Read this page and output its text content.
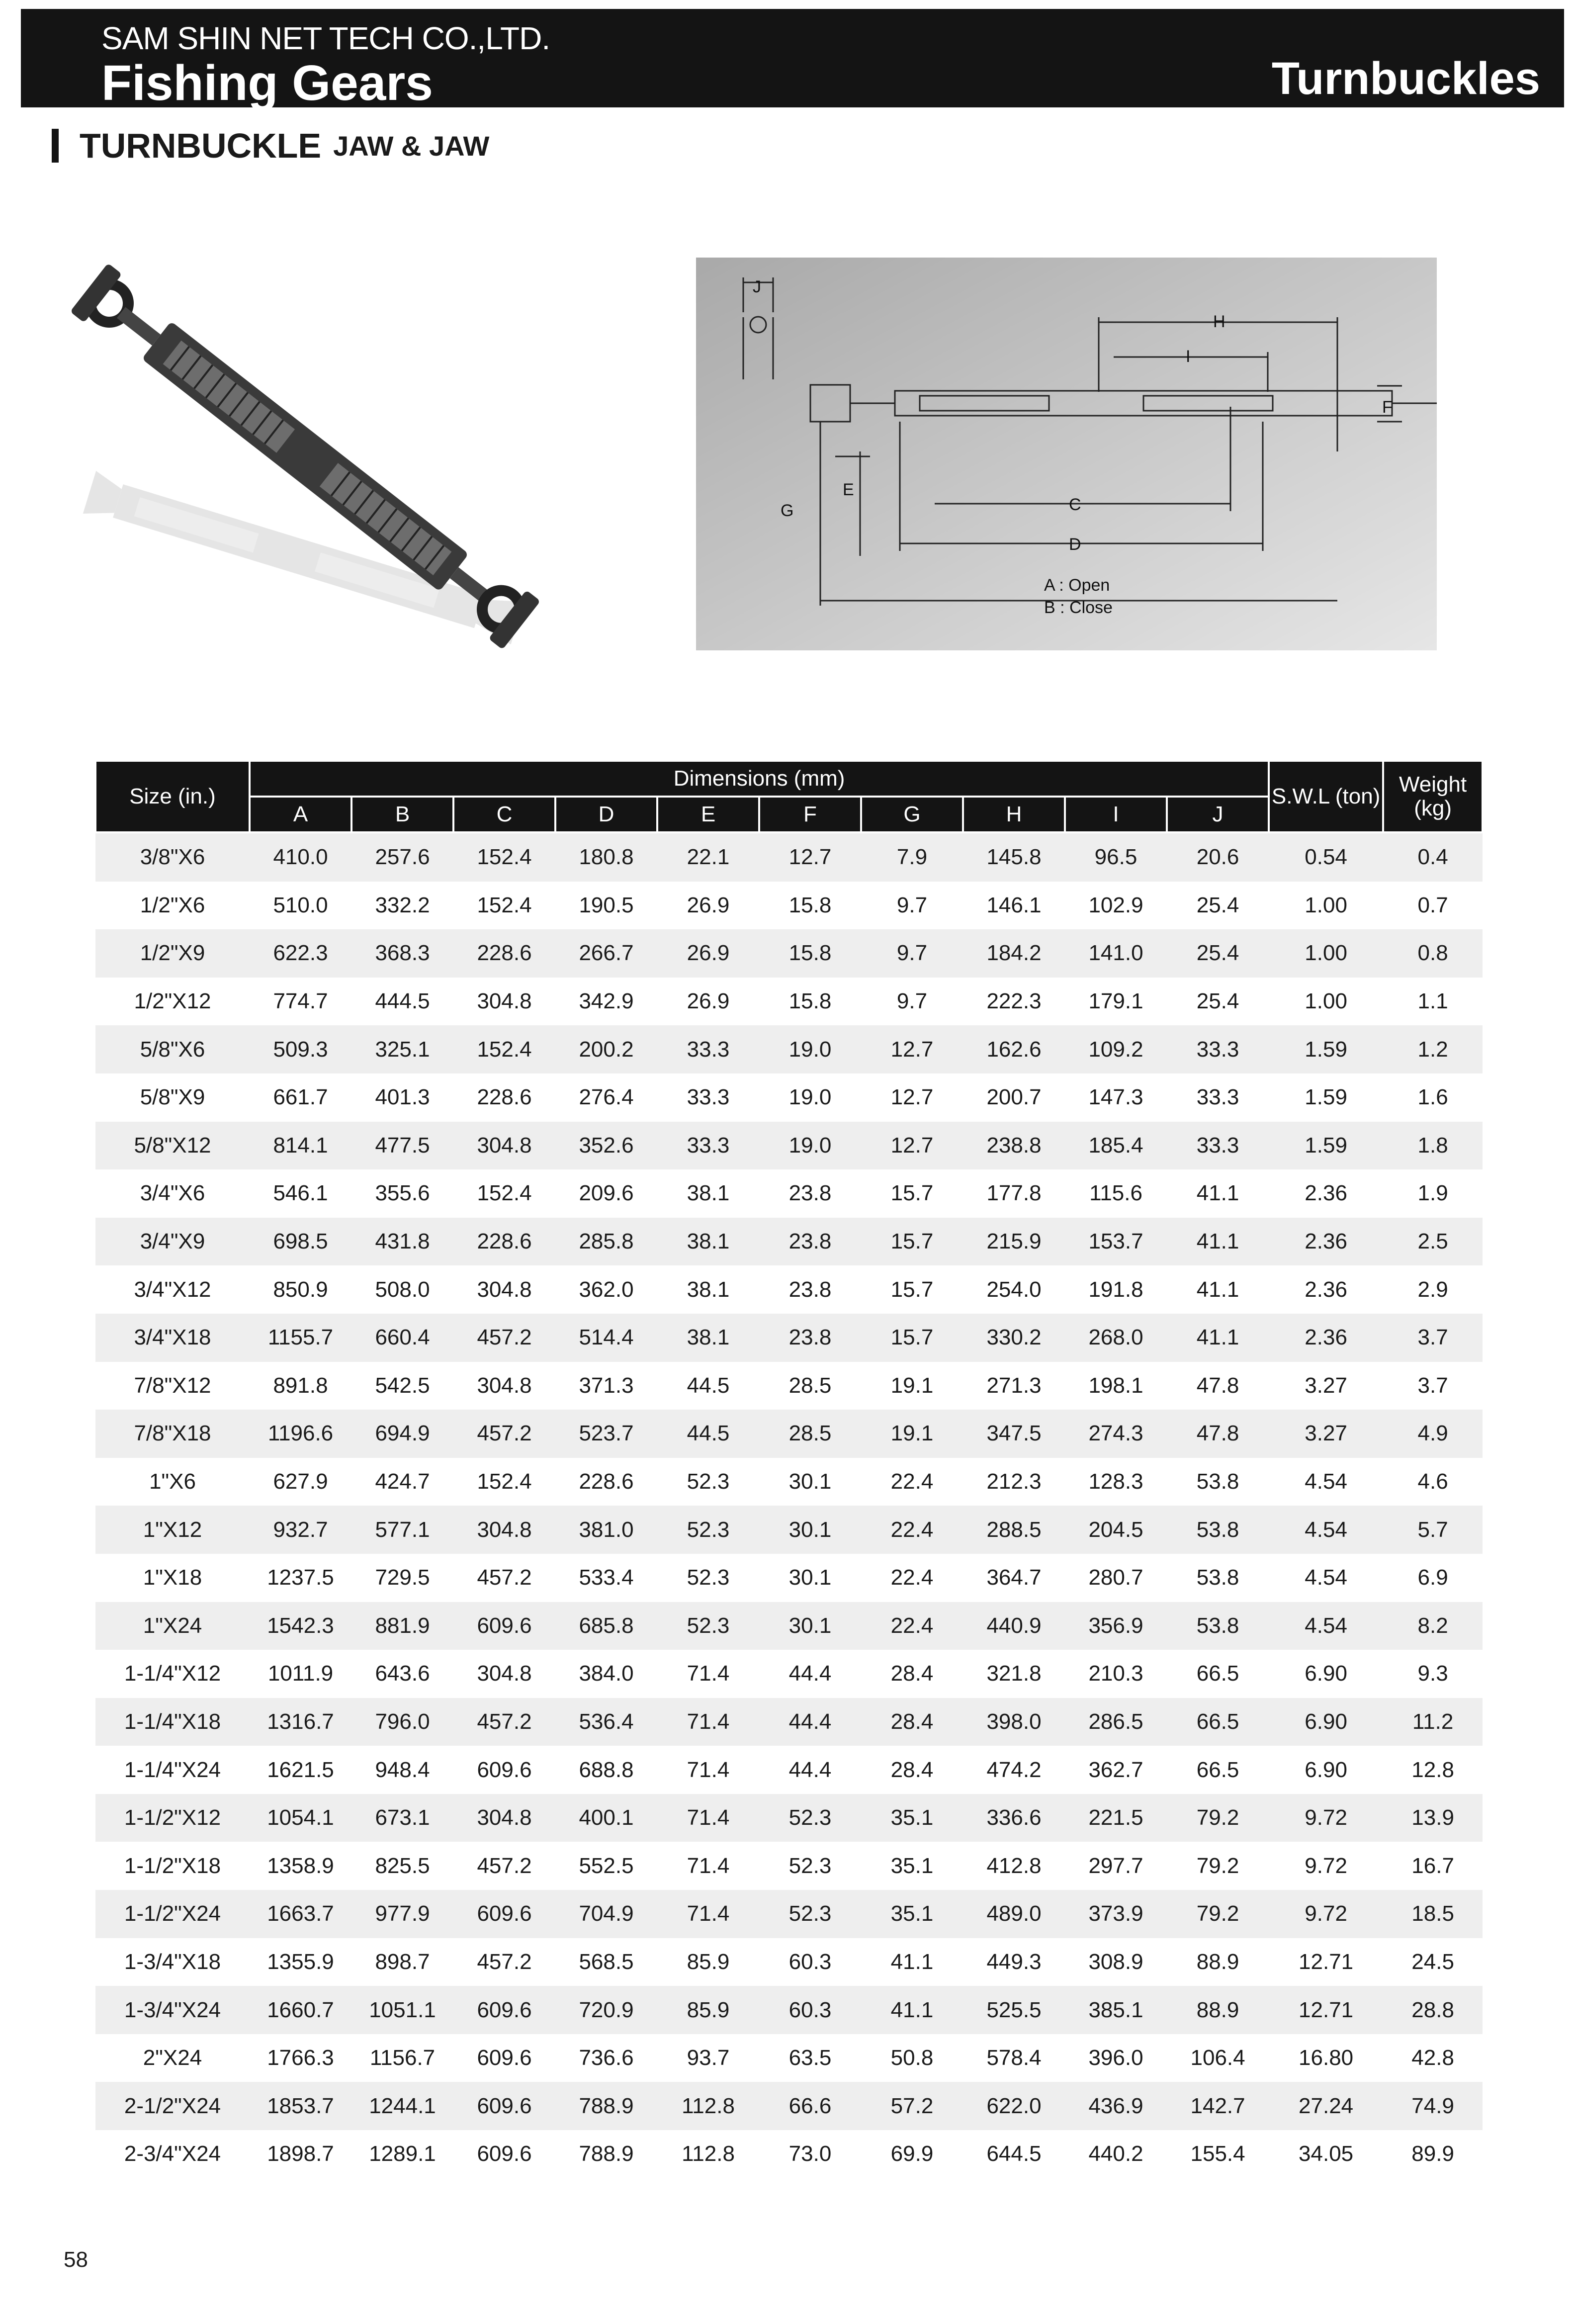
SAM SHIN NET TECH CO.,LTD.
Fishing Gears	Turnbuckles
TURNBUCKLE JAW & JAW
J
H
I
F
E
G	C
D
A : Open
B : Close
Size (in.)	Dimensions (mm)										S.W.L (ton)	Weight (kg)
	A	B	C	D	E	F	G	H	I	J		
3/8"X6	410.0	257.6	152.4	180.8	22.1	12.7	7.9	145.8	96.5	20.6	0.54	0.4
1/2"X6	510.0	332.2	152.4	190.5	26.9	15.8	9.7	146.1	102.9	25.4	1.00	0.7
1/2"X9	622.3	368.3	228.6	266.7	26.9	15.8	9.7	184.2	141.0	25.4	1.00	0.8
1/2"X12	774.7	444.5	304.8	342.9	26.9	15.8	9.7	222.3	179.1	25.4	1.00	1.1
5/8"X6	509.3	325.1	152.4	200.2	33.3	19.0	12.7	162.6	109.2	33.3	1.59	1.2
5/8"X9	661.7	401.3	228.6	276.4	33.3	19.0	12.7	200.7	147.3	33.3	1.59	1.6
5/8"X12	814.1	477.5	304.8	352.6	33.3	19.0	12.7	238.8	185.4	33.3	1.59	1.8
3/4"X6	546.1	355.6	152.4	209.6	38.1	23.8	15.7	177.8	115.6	41.1	2.36	1.9
3/4"X9	698.5	431.8	228.6	285.8	38.1	23.8	15.7	215.9	153.7	41.1	2.36	2.5
3/4"X12	850.9	508.0	304.8	362.0	38.1	23.8	15.7	254.0	191.8	41.1	2.36	2.9
3/4"X18	1155.7	660.4	457.2	514.4	38.1	23.8	15.7	330.2	268.0	41.1	2.36	3.7
7/8"X12	891.8	542.5	304.8	371.3	44.5	28.5	19.1	271.3	198.1	47.8	3.27	3.7
7/8"X18	1196.6	694.9	457.2	523.7	44.5	28.5	19.1	347.5	274.3	47.8	3.27	4.9
1"X6	627.9	424.7	152.4	228.6	52.3	30.1	22.4	212.3	128.3	53.8	4.54	4.6
1"X12	932.7	577.1	304.8	381.0	52.3	30.1	22.4	288.5	204.5	53.8	4.54	5.7
1"X18	1237.5	729.5	457.2	533.4	52.3	30.1	22.4	364.7	280.7	53.8	4.54	6.9
1"X24	1542.3	881.9	609.6	685.8	52.3	30.1	22.4	440.9	356.9	53.8	4.54	8.2
1-1/4"X12	1011.9	643.6	304.8	384.0	71.4	44.4	28.4	321.8	210.3	66.5	6.90	9.3
1-1/4"X18	1316.7	796.0	457.2	536.4	71.4	44.4	28.4	398.0	286.5	66.5	6.90	11.2
1-1/4"X24	1621.5	948.4	609.6	688.8	71.4	44.4	28.4	474.2	362.7	66.5	6.90	12.8
1-1/2"X12	1054.1	673.1	304.8	400.1	71.4	52.3	35.1	336.6	221.5	79.2	9.72	13.9
1-1/2"X18	1358.9	825.5	457.2	552.5	71.4	52.3	35.1	412.8	297.7	79.2	9.72	16.7
1-1/2"X24	1663.7	977.9	609.6	704.9	71.4	52.3	35.1	489.0	373.9	79.2	9.72	18.5
1-3/4"X18	1355.9	898.7	457.2	568.5	85.9	60.3	41.1	449.3	308.9	88.9	12.71	24.5
1-3/4"X24	1660.7	1051.1	609.6	720.9	85.9	60.3	41.1	525.5	385.1	88.9	12.71	28.8
2"X24	1766.3	1156.7	609.6	736.6	93.7	63.5	50.8	578.4	396.0	106.4	16.80	42.8
2-1/2"X24	1853.7	1244.1	609.6	788.9	112.8	66.6	57.2	622.0	436.9	142.7	27.24	74.9
2-3/4"X24	1898.7	1289.1	609.6	788.9	112.8	73.0	69.9	644.5	440.2	155.4	34.05	89.9
58
